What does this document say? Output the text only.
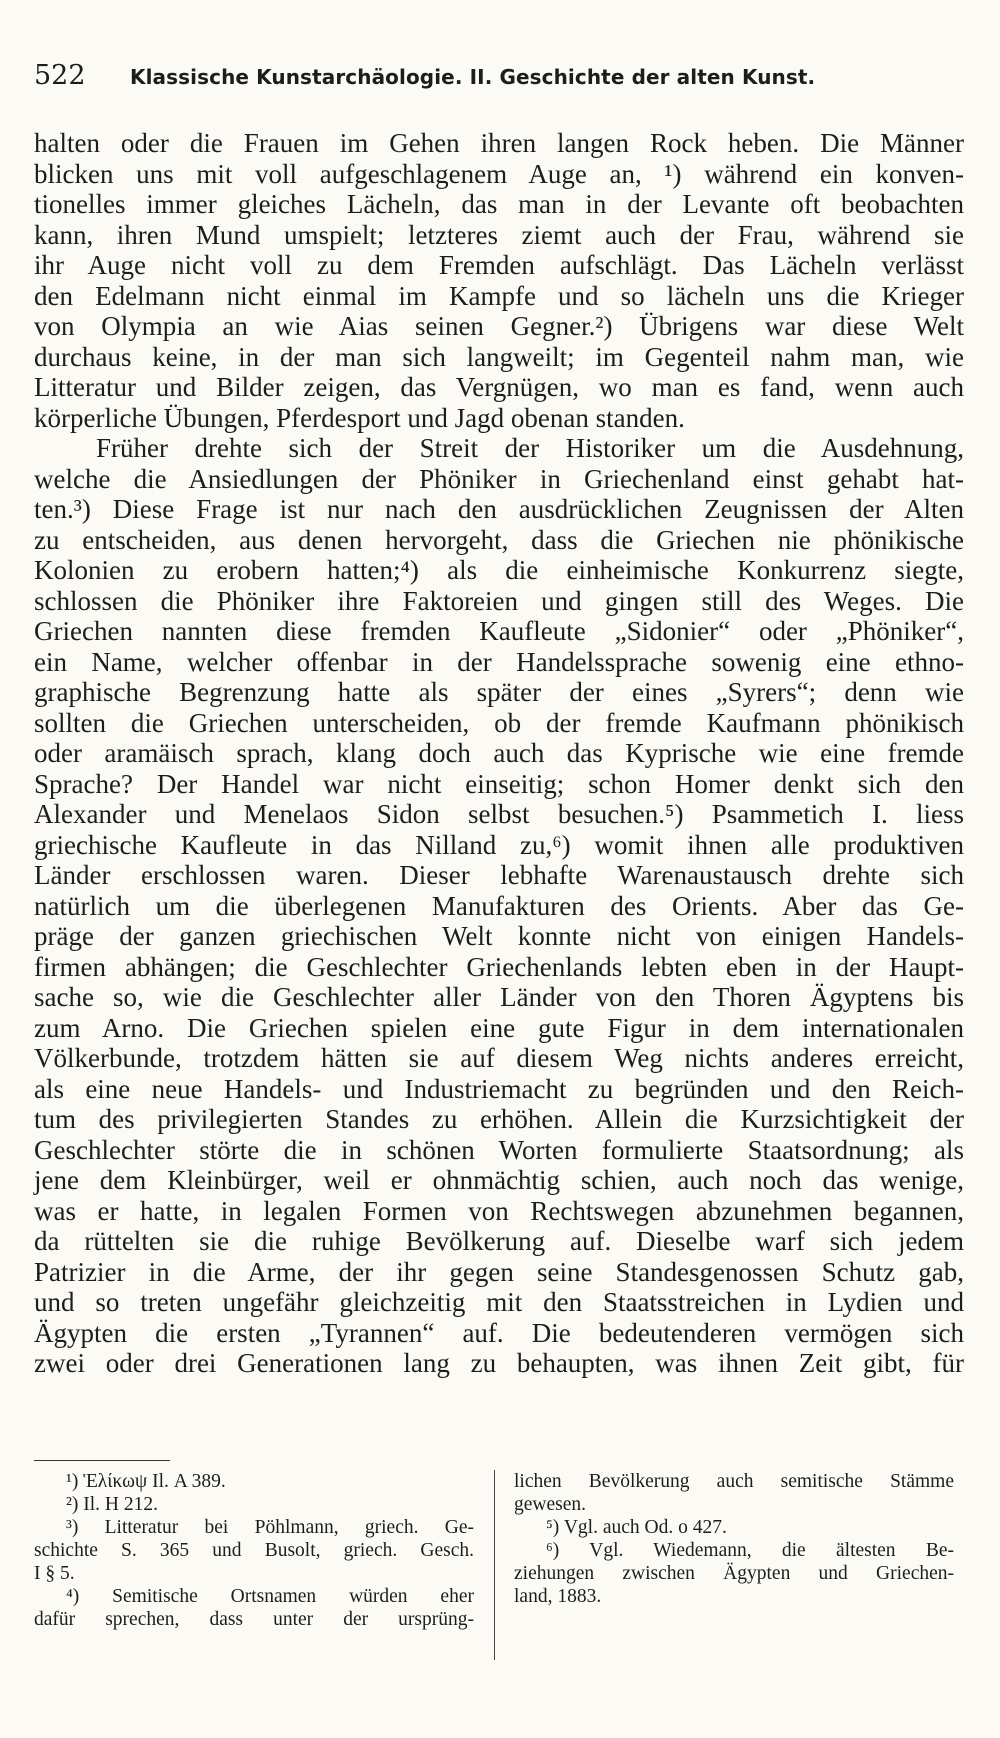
522	Klassische Kunstarchäologie. II. Geschichte der alten Kunst.
halten oder die Frauen im Gehen ihren langen Rock heben. Die Männer
blicken uns mit voll aufgeschlagenem Auge an, ¹) während ein konven-
tionelles immer gleiches Lächeln, das man in der Levante oft beobachten
kann, ihren Mund umspielt; letzteres ziemt auch der Frau, während sie
ihr Auge nicht voll zu dem Fremden aufschlägt. Das Lächeln verlässt
den Edelmann nicht einmal im Kampfe und so lächeln uns die Krieger
von Olympia an wie Aias seinen Gegner.²) Übrigens war diese Welt
durchaus keine, in der man sich langweilt; im Gegenteil nahm man, wie
Litteratur und Bilder zeigen, das Vergnügen, wo man es fand, wenn auch
körperliche Übungen, Pferdesport und Jagd obenan standen.
Früher drehte sich der Streit der Historiker um die Ausdehnung,
welche die Ansiedlungen der Phöniker in Griechenland einst gehabt hat-
ten.³) Diese Frage ist nur nach den ausdrücklichen Zeugnissen der Alten
zu entscheiden, aus denen hervorgeht, dass die Griechen nie phönikische
Kolonien zu erobern hatten;⁴) als die einheimische Konkurrenz siegte,
schlossen die Phöniker ihre Faktoreien und gingen still des Weges. Die
Griechen nannten diese fremden Kaufleute „Sidonier“ oder „Phöniker“,
ein Name, welcher offenbar in der Handelssprache sowenig eine ethno-
graphische Begrenzung hatte als später der eines „Syrers“; denn wie
sollten die Griechen unterscheiden, ob der fremde Kaufmann phönikisch
oder aramäisch sprach, klang doch auch das Kyprische wie eine fremde
Sprache? Der Handel war nicht einseitig; schon Homer denkt sich den
Alexander und Menelaos Sidon selbst besuchen.⁵) Psammetich I. liess
griechische Kaufleute in das Nilland zu,⁶) womit ihnen alle produktiven
Länder erschlossen waren. Dieser lebhafte Warenaustausch drehte sich
natürlich um die überlegenen Manufakturen des Orients. Aber das Ge-
präge der ganzen griechischen Welt konnte nicht von einigen Handels-
firmen abhängen; die Geschlechter Griechenlands lebten eben in der Haupt-
sache so, wie die Geschlechter aller Länder von den Thoren Ägyptens bis
zum Arno. Die Griechen spielen eine gute Figur in dem internationalen
Völkerbunde, trotzdem hätten sie auf diesem Weg nichts anderes erreicht,
als eine neue Handels- und Industriemacht zu begründen und den Reich-
tum des privilegierten Standes zu erhöhen. Allein die Kurzsichtigkeit der
Geschlechter störte die in schönen Worten formulierte Staatsordnung; als
jene dem Kleinbürger, weil er ohnmächtig schien, auch noch das wenige,
was er hatte, in legalen Formen von Rechtswegen abzunehmen begannen,
da rüttelten sie die ruhige Bevölkerung auf. Dieselbe warf sich jedem
Patrizier in die Arme, der ihr gegen seine Standesgenossen Schutz gab,
und so treten ungefähr gleichzeitig mit den Staatsstreichen in Lydien und
Ägypten die ersten „Tyrannen“ auf. Die bedeutenderen vermögen sich
zwei oder drei Generationen lang zu behaupten, was ihnen Zeit gibt, für
¹) Ἑλίκωψ Il. Α 389.
²) Il. Η 212.
³) Litteratur bei Pöhlmann, griech. Ge-
schichte S. 365 und Busolt, griech. Gesch.
I § 5.
⁴) Semitische Ortsnamen würden eher
dafür sprechen, dass unter der ursprüng-
lichen Bevölkerung auch semitische Stämme
gewesen.
⁵) Vgl. auch Od. ο 427.
⁶) Vgl. Wiedemann, die ältesten Be-
ziehungen zwischen Ägypten und Griechen-
land, 1883.
